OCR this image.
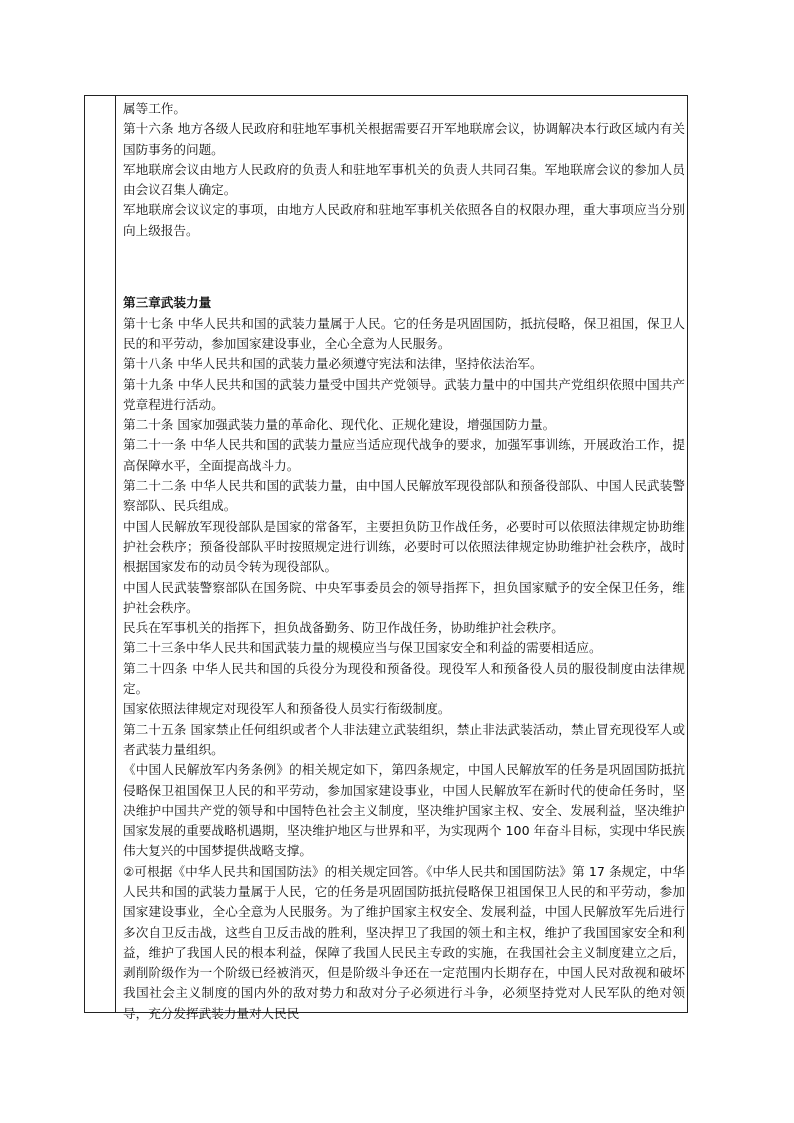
属等工作。

第十六条 地方各级人民政府和驻地军事机关根据需要召开军地联席会议，协调解决本行政区域内有关国防事务的问题。

军地联席会议由地方人民政府的负责人和驻地军事机关的负责人共同召集。军地联席会议的参加人员由会议召集人确定。

军地联席会议议定的事项，由地方人民政府和驻地军事机关依照各自的权限办理，重大事项应当分别向上级报告。

第三章武装力量

第十七条 中华人民共和国的武装力量属于人民。它的任务是巩固国防，抵抗侵略，保卫祖国，保卫人民的和平劳动，参加国家建设事业，全心全意为人民服务。

第十八条 中华人民共和国的武装力量必须遵守宪法和法律，坚持依法治军。

第十九条 中华人民共和国的武装力量受中国共产党领导。武装力量中的中国共产党组织依照中国共产党章程进行活动。

第二十条 国家加强武装力量的革命化、现代化、正规化建设，增强国防力量。

第二十一条 中华人民共和国的武装力量应当适应现代战争的要求，加强军事训练，开展政治工作，提高保障水平，全面提高战斗力。

第二十二条 中华人民共和国的武装力量，由中国人民解放军现役部队和预备役部队、中国人民武装警察部队、民兵组成。

中国人民解放军现役部队是国家的常备军，主要担负防卫作战任务，必要时可以依照法律规定协助维护社会秩序；预备役部队平时按照规定进行训练，必要时可以依照法律规定协助维护社会秩序，战时根据国家发布的动员令转为现役部队。

中国人民武装警察部队在国务院、中央军事委员会的领导指挥下，担负国家赋予的安全保卫任务，维护社会秩序。

民兵在军事机关的指挥下，担负战备勤务、防卫作战任务，协助维护社会秩序。

第二十三条中华人民共和国武装力量的规模应当与保卫国家安全和利益的需要相适应。

第二十四条 中华人民共和国的兵役分为现役和预备役。现役军人和预备役人员的服役制度由法律规定。

国家依照法律规定对现役军人和预备役人员实行衔级制度。

第二十五条 国家禁止任何组织或者个人非法建立武装组织，禁止非法武装活动，禁止冒充现役军人或者武装力量组织。

《中国人民解放军内务条例》的相关规定如下，第四条规定，中国人民解放军的任务是巩固国防抵抗侵略保卫祖国保卫人民的和平劳动，参加国家建设事业，中国人民解放军在新时代的使命任务时，坚决维护中国共产党的领导和中国特色社会主义制度，坚决维护国家主权、安全、发展利益，坚决维护国家发展的重要战略机遇期，坚决维护地区与世界和平，为实现两个 100 年奋斗目标，实现中华民族伟大复兴的中国梦提供战略支撑。

②可根据《中华人民共和国国防法》的相关规定回答。《中华人民共和国国防法》第 17 条规定，中华人民共和国的武装力量属于人民，它的任务是巩固国防抵抗侵略保卫祖国保卫人民的和平劳动，参加国家建设事业，全心全意为人民服务。为了维护国家主权安全、发展利益，中国人民解放军先后进行多次自卫反击战，这些自卫反击战的胜利，坚决捍卫了我国的领土和主权，维护了我国国家安全和利益，维护了我国人民的根本利益，保障了我国人民民主专政的实施，在我国社会主义制度建立之后，剥削阶级作为一个阶级已经被消灭，但是阶级斗争还在一定范围内长期存在，中国人民对敌视和破坏我国社会主义制度的国内外的敌对势力和敌对分子必须进行斗争，必须坚持党对人民军队的绝对领导，充分发挥武装力量对人民民
